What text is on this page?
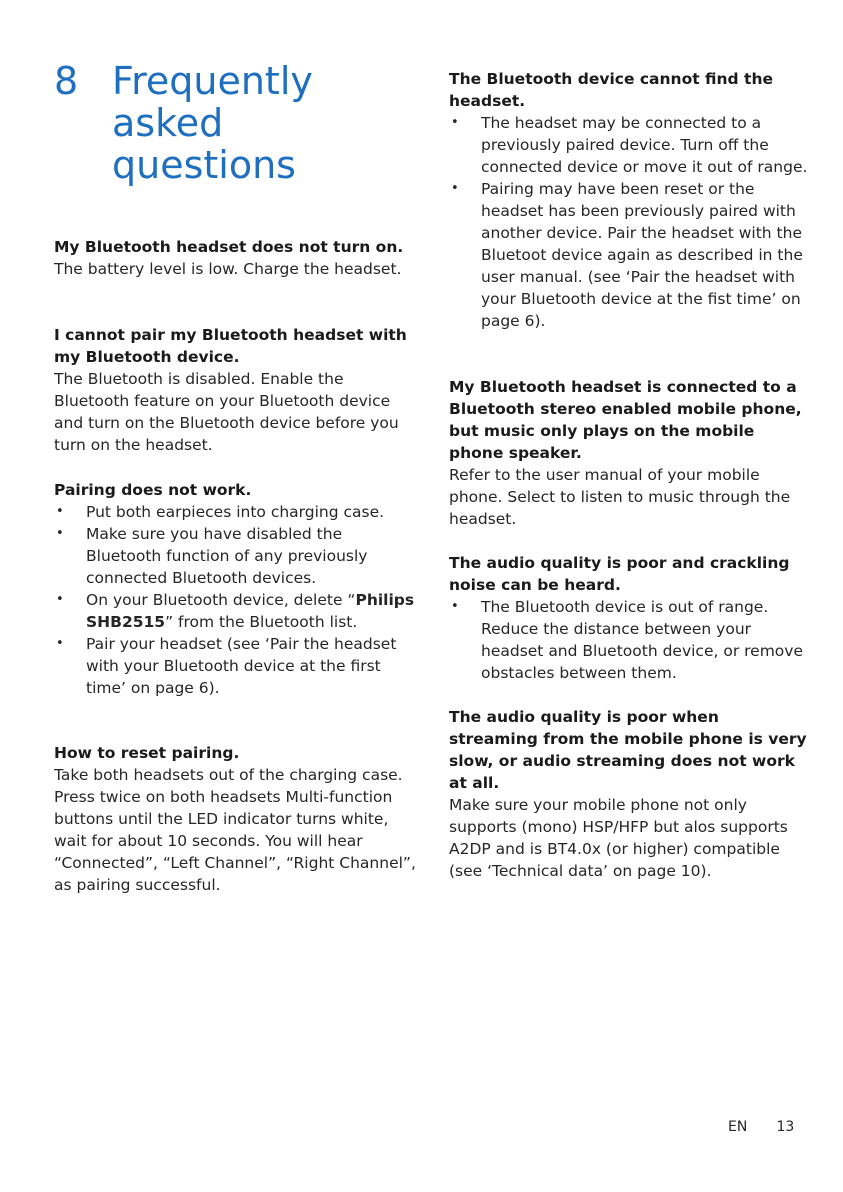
8 Frequently asked questions

My Bluetooth headset does not turn on.

The battery level is low. Charge the headset.

I cannot pair my Bluetooth headset with my Bluetooth device.

The Bluetooth is disabled. Enable the Bluetooth feature on your Bluetooth device and turn on the Bluetooth device before you turn on the headset.

Pairing does not work.

• Put both earpieces into charging case.
• Make sure you have disabled the Bluetooth function of any previously connected Bluetooth devices.
• On your Bluetooth device, delete “Philips SHB2515” from the Bluetooth list.
• Pair your headset (see ‘Pair the headset with your Bluetooth device at the first time’ on page 6).

How to reset pairing.

Take both headsets out of the charging case. Press twice on both headsets Multi-function buttons until the LED indicator turns white, wait for about 10 seconds. You will hear “Connected”, “Left Channel”, “Right Channel”, as pairing successful.

The Bluetooth device cannot find the headset.

• The headset may be connected to a previously paired device. Turn off the connected device or move it out of range.
• Pairing may have been reset or the headset has been previously paired with another device. Pair the headset with the Bluetoot device again as described in the user manual. (see ‘Pair the headset with your Bluetooth device at the fist time’ on page 6).

My Bluetooth headset is connected to a Bluetooth stereo enabled mobile phone, but music only plays on the mobile phone speaker.

Refer to the user manual of your mobile phone. Select to listen to music through the headset.

The audio quality is poor and crackling noise can be heard.

• The Bluetooth device is out of range. Reduce the distance between your headset and Bluetooth device, or remove obstacles between them.

The audio quality is poor when streaming from the mobile phone is very slow, or audio streaming does not work at all.

Make sure your mobile phone not only supports (mono) HSP/HFP but alos supports A2DP and is BT4.0x (or higher) compatible (see ‘Technical data’ on page 10).

EN 13
